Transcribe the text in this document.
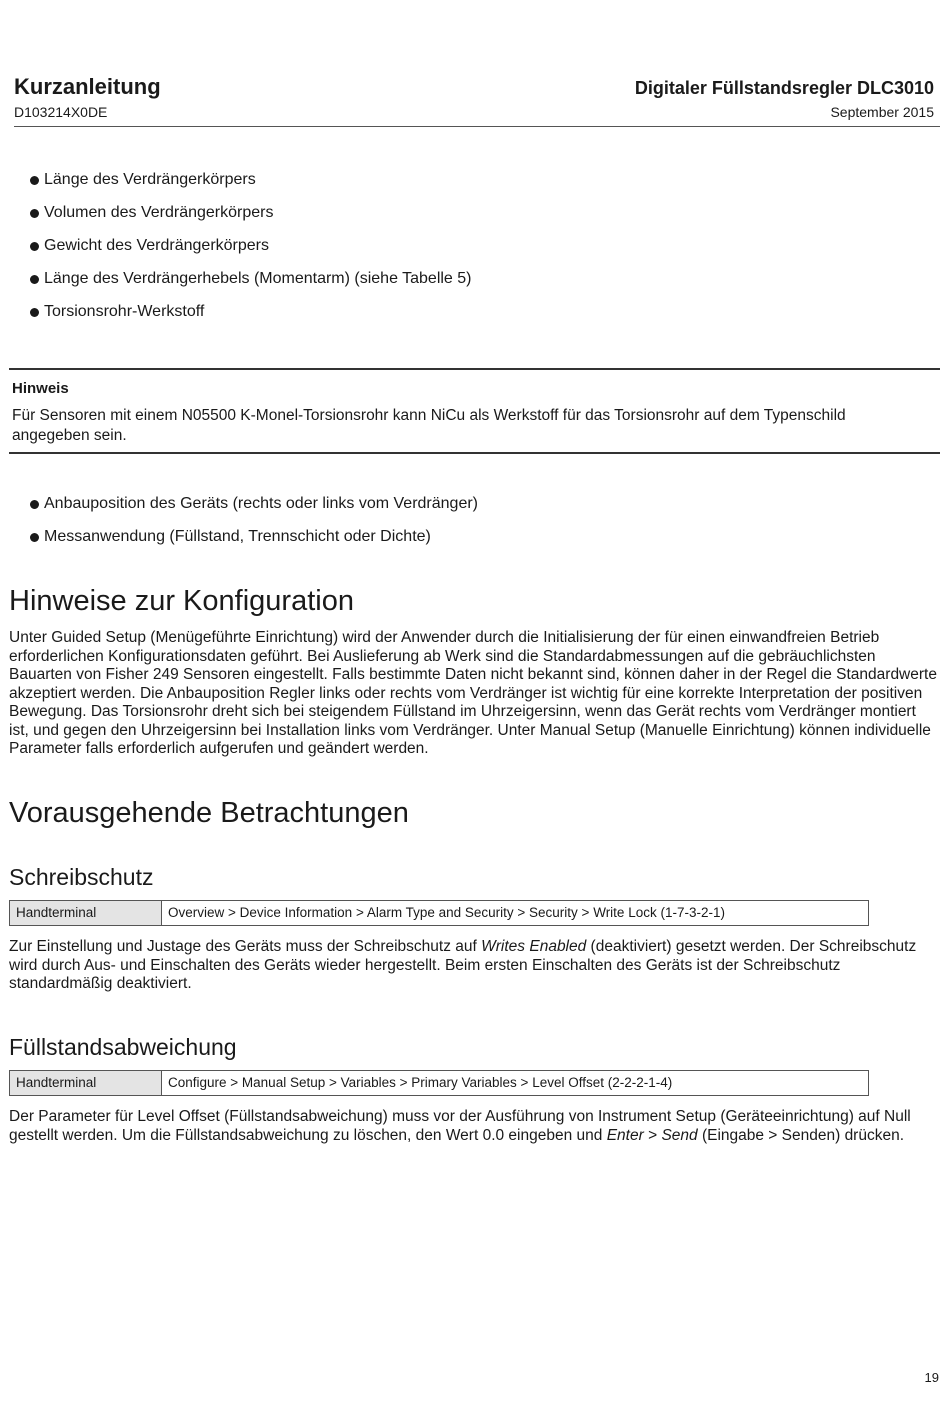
Kurzanleitung
D103214X0DE
Digitaler Füllstandsregler DLC3010
September 2015
Länge des Verdrängerkörpers
Volumen des Verdrängerkörpers
Gewicht des Verdrängerkörpers
Länge des Verdrängerhebels (Momentarm) (siehe Tabelle 5)
Torsionsrohr-Werkstoff
Hinweis
Für Sensoren mit einem N05500 K-Monel-Torsionsrohr kann NiCu als Werkstoff für das Torsionsrohr auf dem Typenschild angegeben sein.
Anbauposition des Geräts (rechts oder links vom Verdränger)
Messanwendung (Füllstand, Trennschicht oder Dichte)
Hinweise zur Konfiguration

Unter Guided Setup (Menügeführte Einrichtung) wird der Anwender durch die Initialisierung der für einen einwandfreien Betrieb erforderlichen Konfigurationsdaten geführt. Bei Auslieferung ab Werk sind die Standardabmessungen auf die gebräuchlichsten Bauarten von Fisher 249 Sensoren eingestellt. Falls bestimmte Daten nicht bekannt sind, können daher in der Regel die Standardwerte akzeptiert werden. Die Anbauposition Regler links oder rechts vom Verdränger ist wichtig für eine korrekte Interpretation der positiven Bewegung. Das Torsionsrohr dreht sich bei steigendem Füllstand im Uhrzeigersinn, wenn das Gerät rechts vom Verdränger montiert ist, und gegen den Uhrzeigersinn bei Installation links vom Verdränger. Unter Manual Setup (Manuelle Einrichtung) können individuelle Parameter falls erforderlich aufgerufen und geändert werden.

Vorausgehende Betrachtungen
Schreibschutz
Handterminal	Overview > Device Information > Alarm Type and Security > Security > Write Lock (1-7-3-2-1)

Zur Einstellung und Justage des Geräts muss der Schreibschutz auf Writes Enabled (deaktiviert) gesetzt werden. Der Schreibschutz wird durch Aus- und Einschalten des Geräts wieder hergestellt. Beim ersten Einschalten des Geräts ist der Schreibschutz standardmäßig deaktiviert.

Füllstandsabweichung
Handterminal	Configure > Manual Setup > Variables > Primary Variables > Level Offset (2-2-2-1-4)

Der Parameter für Level Offset (Füllstandsabweichung) muss vor der Ausführung von Instrument Setup (Geräteeinrichtung) auf Null gestellt werden. Um die Füllstandsabweichung zu löschen, den Wert 0.0 eingeben und Enter > Send (Eingabe > Senden) drücken.

19
